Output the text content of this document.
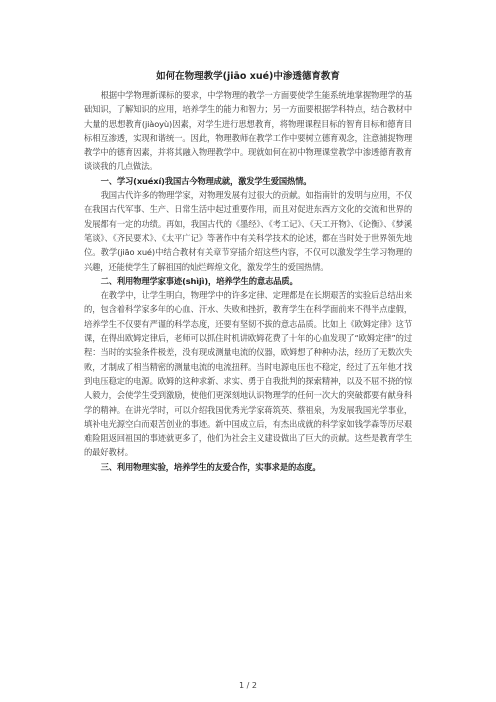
如何在物理教学(jiāo xué)中渗透德育教育

根据中学物理新课标的要求，中学物理的教学一方面要使学生能系统地掌握物理学的基础知识，了解知识的应用，培养学生的能力和智力；另一方面要根据学科特点，结合教材中大量的思想教育(jiàoyù)因素，对学生进行思想教育，将物理课程目标的智育目标和德育目标相互渗透，实现和谐统一。因此，物理教师在教学工作中要树立德育观念，注意捕捉物理教学中的德育因素，并将其融入物理教学中。现就如何在初中物理课堂教学中渗透德育教育谈谈我的几点做法。

一、学习(xuéxí)我国古今物理成就，激发学生爱国热情。

我国古代许多的物理学家，对物理发展有过很大的贡献。如指南针的发明与应用，不仅在我国古代军事、生产、日常生活中起过重要作用，而且对促进东西方文化的交流和世界的发展都有一定的功绩。再如，我国古代的《墨经》、《考工记》、《天工开物》、《论衡》、《梦溪笔谈》、《齐民要术》、《太平广记》等著作中有关科学技术的论述，都在当时处于世界领先地位。教学(jiāo xué)中结合教材有关章节穿插介绍这些内容，不仅可以激发学生学习物理的兴趣，还能使学生了解祖国的灿烂辉煌文化，激发学生的爱国热情。

二、利用物理学家事迹(shìjì)，培养学生的意志品质。

在教学中，让学生明白，物理学中的许多定律、定理都是在长期艰苦的实验后总结出来的，包含着科学家多年的心血、汗水、失败和挫折，教育学生在科学面前来不得半点虚假，培养学生不仅要有严谨的科学态度，还要有坚韧不拔的意志品质。比如上《欧姆定律》这节课，在得出欧姆定律后，老师可以抓住时机讲欧姆花费了十年的心血发现了“欧姆定律”的过程：当时的实验条件极差，没有现成测量电流的仪器，欧姆想了种种办法，经历了无数次失败，才制成了相当精密的测量电流的电流扭秤。当时电源电压也不稳定，经过了五年他才找到电压稳定的电源。欧姆的这种求新、求实、勇于自我批判的探索精神，以及不屈不挠的惊人毅力，会使学生受到激励，使他们更深刻地认识物理学的任何一次大的突破都要有献身科学的精神。在讲光学时，可以介绍我国优秀光学家蒋筑英、蔡祖泉，为发展我国光学事业，填补电光源空白而艰苦创业的事迹。新中国成立后，有杰出成就的科学家如钱学森等历尽艰难险阻返回祖国的事迹就更多了，他们为社会主义建设做出了巨大的贡献。这些是教育学生的最好教材。

三、利用物理实验，培养学生的友爱合作，实事求是的态度。

1 / 2
